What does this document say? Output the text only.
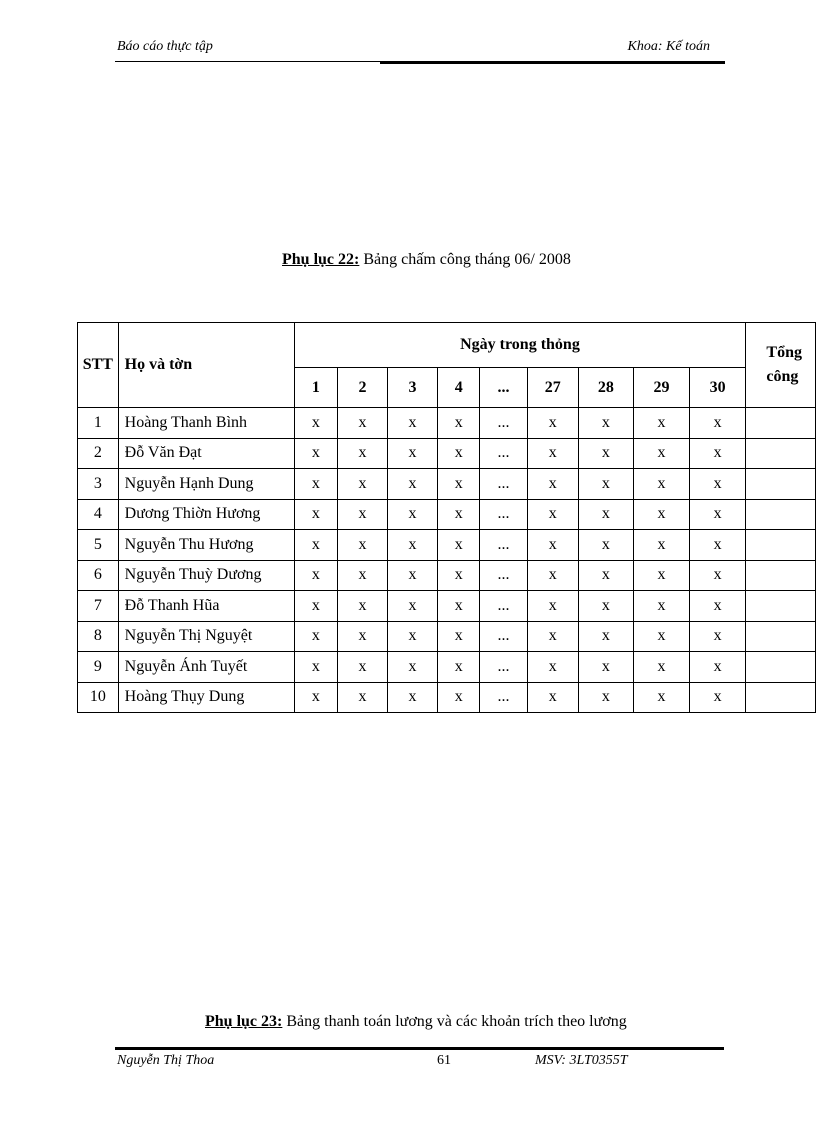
Báo cáo thực tập	Khoa: Kế toán
Phụ lục 22: Bảng chấm công tháng 06/ 2008
STT	Họ và tờn	Ngày trong thỏng									Tổng
công
		1	2	3	4	...	27	28	29	30	
1	Hoàng Thanh Bình	x	x	x	x	...	x	x	x	x	
2	Đỗ Văn Đạt	x	x	x	x	...	x	x	x	x	
3	Nguyễn Hạnh Dung	x	x	x	x	...	x	x	x	x	
4	Dương Thiờn Hương	x	x	x	x	...	x	x	x	x	
5	Nguyễn Thu Hương	x	x	x	x	...	x	x	x	x	
6	Nguyễn Thuỳ Dương	x	x	x	x	...	x	x	x	x	
7	Đỗ Thanh Hũa	x	x	x	x	...	x	x	x	x	
8	Nguyễn Thị Nguyệt	x	x	x	x	...	x	x	x	x	
9	Nguyễn Ánh Tuyết	x	x	x	x	...	x	x	x	x	
10	Hoàng Thụy Dung	x	x	x	x	...	x	x	x	x	
Phụ lục 23: Bảng thanh toán lương và các khoản trích theo lương
Nguyễn Thị Thoa	61	MSV: 3LT0355T
